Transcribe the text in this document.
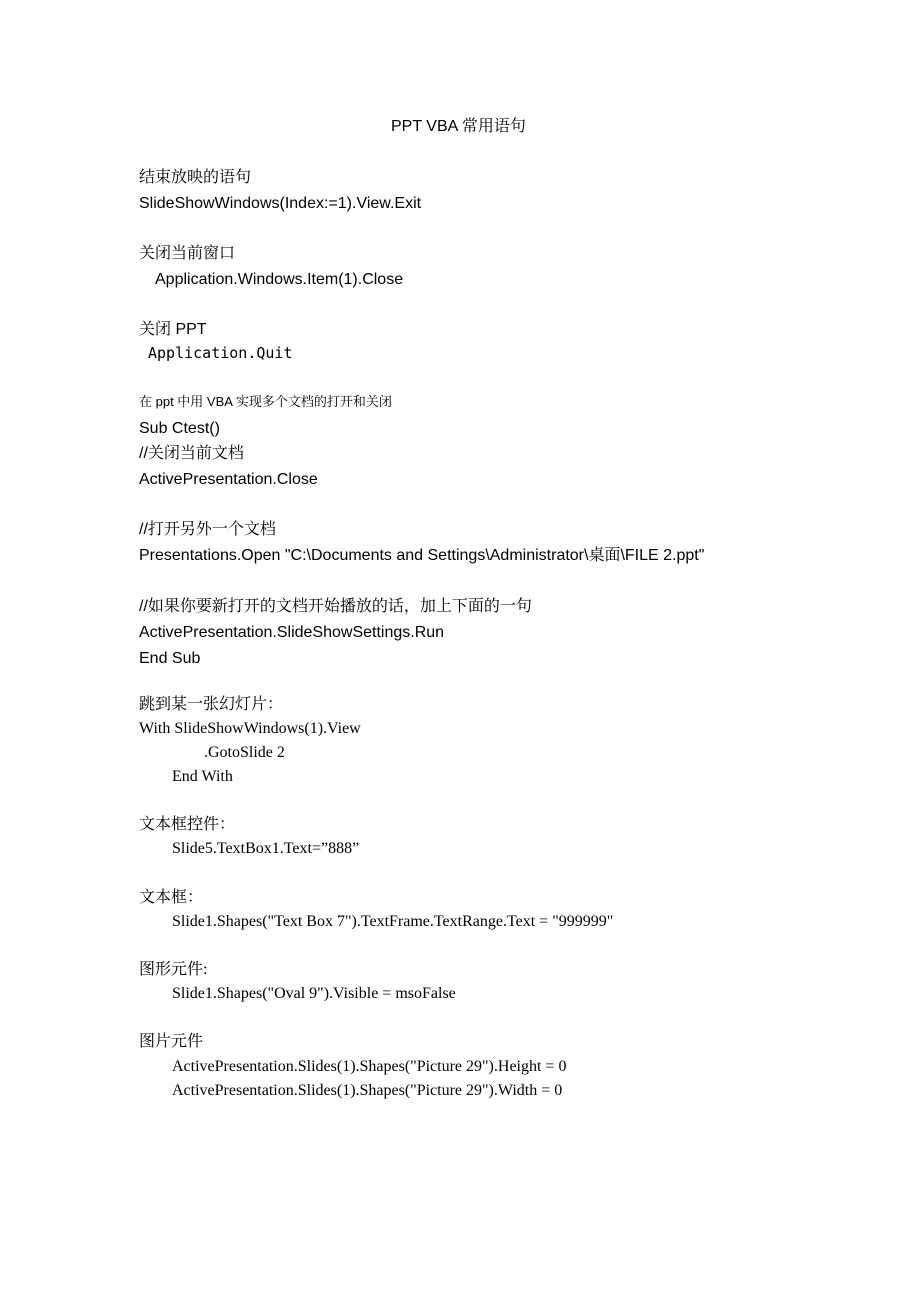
PPT VBA 常用语句
结束放映的语句
SlideShowWindows(Index:=1).View.Exit
关闭当前窗口
Application.Windows.Item(1).Close
关闭 PPT
Application.Quit
在 ppt 中用 VBA 实现多个文档的打开和关闭
Sub Ctest()
//关闭当前文档
ActivePresentation.Close
//打开另外一个文档
Presentations.Open "C:\Documents and Settings\Administrator\桌面\FILE 2.ppt"
//如果你要新打开的文档开始播放的话，加上下面的一句
ActivePresentation.SlideShowSettings.Run
End Sub
跳到某一张幻灯片：
With SlideShowWindows(1).View
.GotoSlide 2
End With
文本框控件：
Slide5.TextBox1.Text=”888”
文本框：
Slide1.Shapes("Text Box 7").TextFrame.TextRange.Text = "999999"
图形元件:
Slide1.Shapes("Oval 9").Visible = msoFalse
图片元件
ActivePresentation.Slides(1).Shapes("Picture 29").Height = 0
ActivePresentation.Slides(1).Shapes("Picture 29").Width = 0
